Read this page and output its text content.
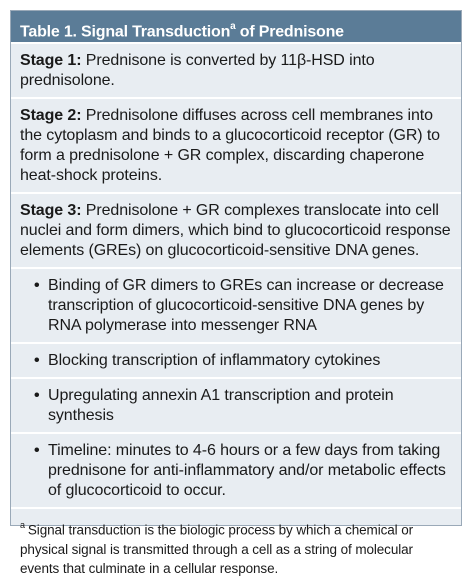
Table 1. Signal Transduction$^a$ of Prednisone
Stage 1: Prednisone is converted by 11β-HSD into prednisolone.
Stage 2: Prednisolone diffuses across cell membranes into the cytoplasm and binds to a glucocorticoid receptor (GR) to form a prednisolone + GR complex, discarding chaperone heat-shock proteins.
Stage 3: Prednisolone + GR complexes translocate into cell nuclei and form dimers, which bind to glucocorticoid response elements (GREs) on glucocorticoid-sensitive DNA genes.
• Binding of GR dimers to GREs can increase or decrease transcription of glucocorticoid-sensitive DNA genes by RNA polymerase into messenger RNA
• Blocking transcription of inflammatory cytokines
• Upregulating annexin A1 transcription and protein synthesis
• Timeline: minutes to 4-6 hours or a few days from taking prednisone for anti-inflammatory and/or metabolic effects of glucocorticoid to occur.
$^a$ Signal transduction is the biologic process by which a chemical or physical signal is transmitted through a cell as a string of molecular events that culminate in a cellular response.
